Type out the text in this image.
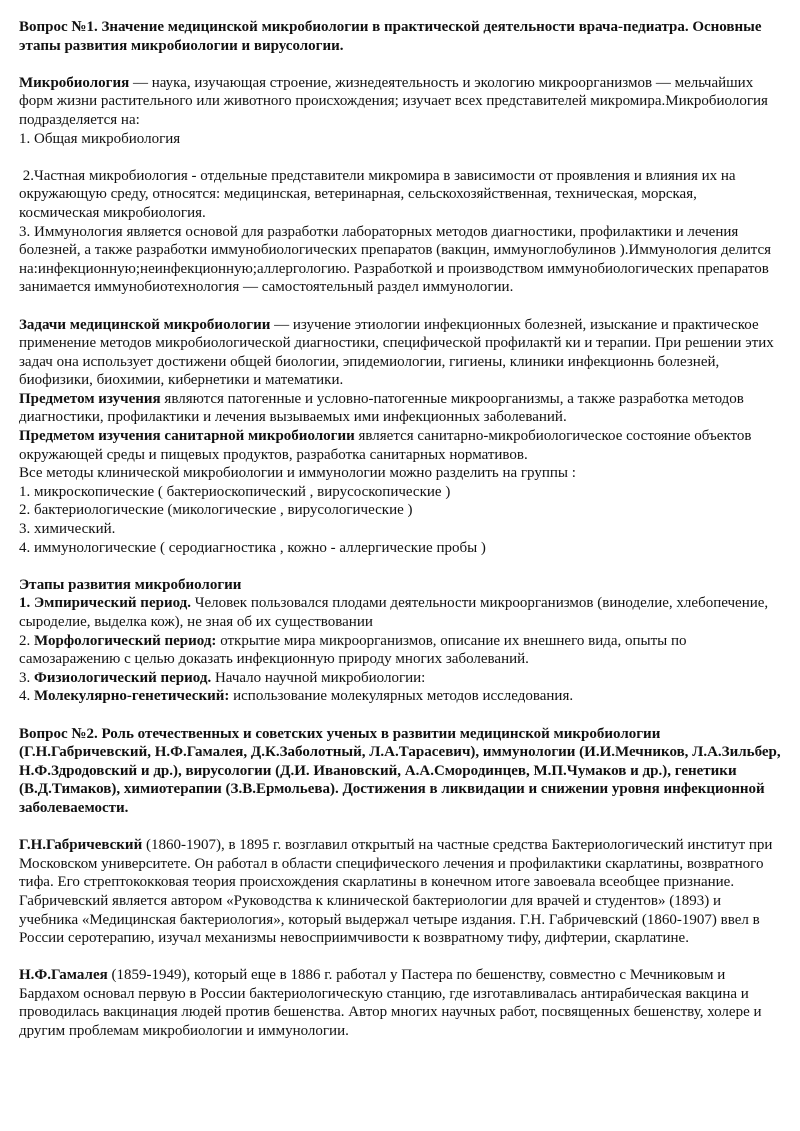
Вопрос №1. Значение медицинской микробиологии в практической деятельности врача-педиатра. Основные этапы развития микробиологии и вирусологии.

Микробиология — наука, изучающая строение, жизнедеятельность и экологию микроорганизмов — мельчайших форм жизни растительного или животного происхождения; изучает всех представителей микромира.Микробиология подразделяется на:

1. Общая микробиология

2.Частная микробиология - отдельные представители микромира в зависимости от проявления и влияния их на окружающую среду, относятся: медицинская, ветеринарная, сельскохозяйственная, техническая, морская, космическая микробиология.

3. Иммунология является основой для разработки лабораторных методов диагностики, профилактики и лечения болезней, а также разработки иммунобиологических препаратов (вакцин, иммуноглобулинов ).Иммунология делится на:инфекционную;неинфекционную;аллергологию. Разработкой и производством иммунобиологических препаратов занимается иммунобиотехнология — самостоятельный раздел иммунологии.

Задачи медицинской микробиологии — изучение этиологии инфекционных болезней, изыскание и практическое применение методов микробиологической диагностики, специфической профилактй ки и терапии. При решении этих задач она использует достижени общей биологии, эпидемиологии, гигиены, клиники инфекционнь болезней, биофизики, биохимии, кибернетики и математики.

Предметом изучения являются патогенные и условно-патогенные микроорганизмы, а также разработка методов диагностики, профилактики и лечения вызываемых ими инфекционных заболеваний.

Предметом изучения санитарной микробиологии является санитарно-микробиологическое состояние объектов окружающей среды и пищевых продуктов, разработка санитарных нормативов.

Все методы клинической микробиологии и иммунологии можно разделить на группы :

1. микроскопические ( бактериоскопический , вирусоскопические )

2. бактериологические (микологические , вирусологические )

3. химический.

4. иммунологические ( серодиагностика , кожно - аллергические пробы )

Этапы развития микробиологии

1. Эмпирический период. Человек пользовался плодами деятельности микроорганизмов (виноделие, хлебопечение, сыроделие, выделка кож), не зная об их существовании

2. Морфологический период: открытие мира микроорганизмов, описание их внешнего вида, опыты по самозаражению с целью доказать инфекционную природу многих заболеваний.

3. Физиологический период. Начало научной микробиологии:

4. Молекулярно-генетический: использование молекулярных методов исследования.

Вопрос №2. Роль отечественных и советских ученых в развитии медицинской микробиологии (Г.Н.Габричевский, Н.Ф.Гамалея, Д.К.Заболотный, Л.А.Тарасевич), иммунологии (И.И.Мечников, Л.А.Зильбер, Н.Ф.Здродовский и др.), вирусологии (Д.И. Ивановский, А.А.Смородинцев, М.П.Чумаков и др.), генетики (В.Д.Тимаков), химиотерапии (З.В.Ермольева). Достижения в ликвидации и снижении уровня инфекционной заболеваемости.

Г.Н.Габричевский (1860-1907), в 1895 г. возглавил открытый на частные средства Бактериологический институт при Московском университете. Он работал в области специфического лечения и профилактики скарлатины, возвратного тифа. Его стрептококковая теория происхождения скарлатины в конечном итоге завоевала всеобщее признание. Габричевский является автором «Руководства к клинической бактериологии для врачей и студентов» (1893) и учебника «Медицинская бактериология», который выдержал четыре издания. Г.Н. Габричевский (1860-1907) ввел в России серотерапию, изучал механизмы невосприимчивости к возвратному тифу, дифтерии, скарлатине.

Н.Ф.Гамалея (1859-1949), который еще в 1886 г. работал у Пастера по бешенству, совместно с Мечниковым и Бардахом основал первую в России бактериологическую станцию, где изготавливалась антирабическая вакцина и проводилась вакцинация людей против бешенства. Автор многих научных работ, посвященных бешенству, холере и другим проблемам микробиологии и иммунологии.
